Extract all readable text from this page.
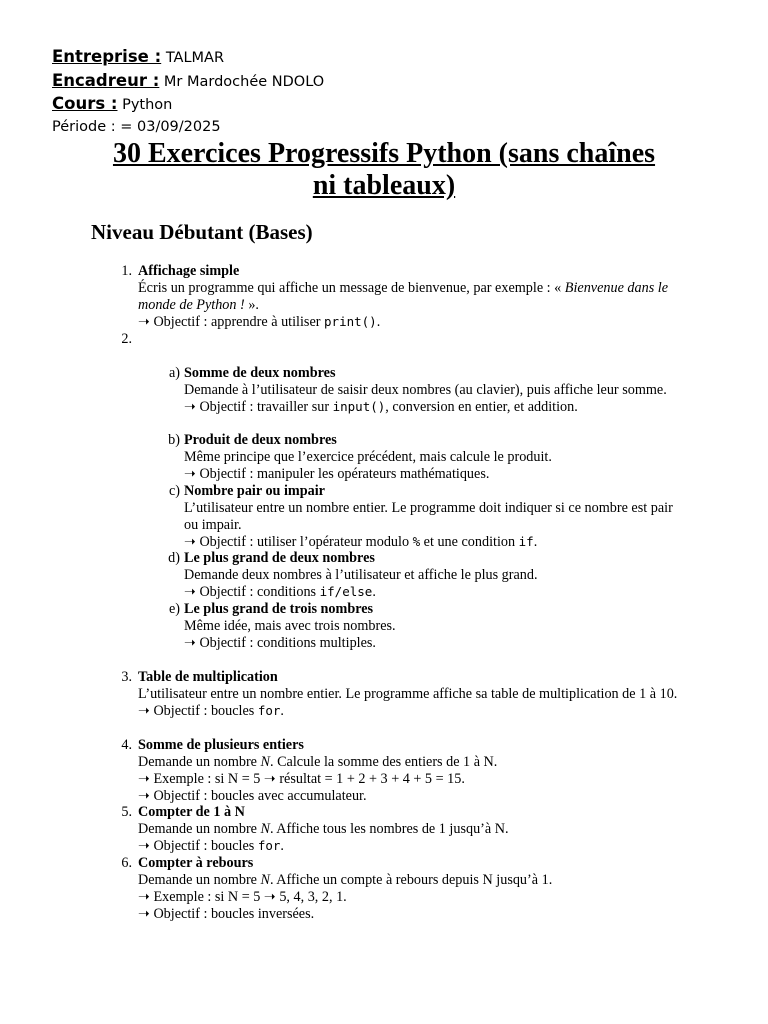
Entreprise : TALMAR
Encadreur : Mr Mardochée NDOLO
Cours : Python
Période : = 03/09/2025
30 Exercices Progressifs Python (sans chaînes ni tableaux)
Niveau Débutant (Bases)
1. Affichage simple
Écris un programme qui affiche un message de bienvenue, par exemple : « Bienvenue dans le monde de Python ! ».
➝ Objectif : apprendre à utiliser print().
2.
a) Somme de deux nombres
Demande à l’utilisateur de saisir deux nombres (au clavier), puis affiche leur somme.
➝ Objectif : travailler sur input(), conversion en entier, et addition.
b) Produit de deux nombres
Même principe que l’exercice précédent, mais calcule le produit.
➝ Objectif : manipuler les opérateurs mathématiques.
c) Nombre pair ou impair
L’utilisateur entre un nombre entier. Le programme doit indiquer si ce nombre est pair ou impair.
➝ Objectif : utiliser l’opérateur modulo % et une condition if.
d) Le plus grand de deux nombres
Demande deux nombres à l’utilisateur et affiche le plus grand.
➝ Objectif : conditions if/else.
e) Le plus grand de trois nombres
Même idée, mais avec trois nombres.
➝ Objectif : conditions multiples.
3. Table de multiplication
L’utilisateur entre un nombre entier. Le programme affiche sa table de multiplication de 1 à 10.
➝ Objectif : boucles for.
4. Somme de plusieurs entiers
Demande un nombre N. Calcule la somme des entiers de 1 à N.
➝ Exemple : si N = 5 ➝ résultat = 1 + 2 + 3 + 4 + 5 = 15.
➝ Objectif : boucles avec accumulateur.
5. Compter de 1 à N
Demande un nombre N. Affiche tous les nombres de 1 jusqu’à N.
➝ Objectif : boucles for.
6. Compter à rebours
Demande un nombre N. Affiche un compte à rebours depuis N jusqu’à 1.
➝ Exemple : si N = 5 ➝ 5, 4, 3, 2, 1.
➝ Objectif : boucles inversées.
